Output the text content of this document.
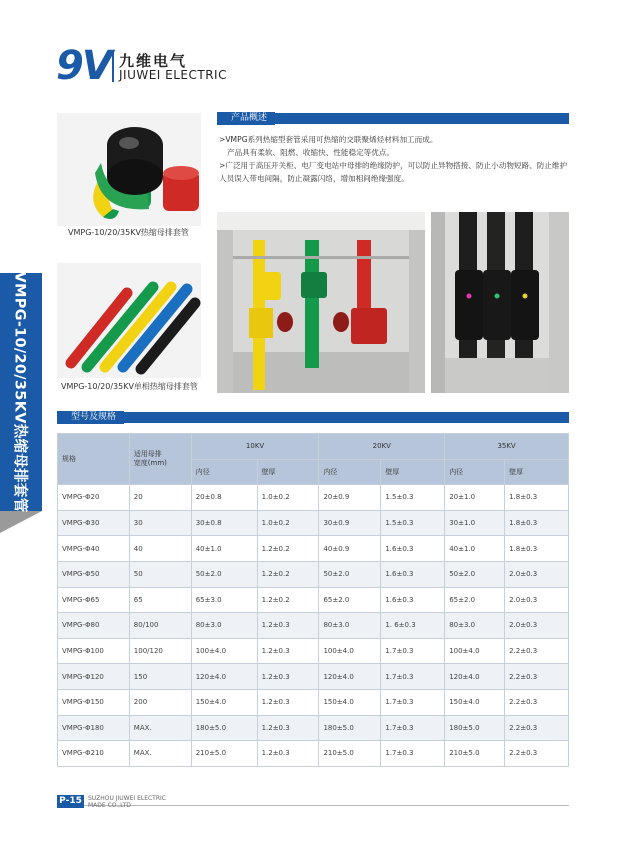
9V 九维电气
JIUWEI ELECTRIC
VMPG-10/20/35KV热缩母排套管
VMPG-10/20/35KV热缩母排套管
VMPG-10/20/35KV单相热缩母排套管
产品概述
>VMPG系列热缩型套管采用可热缩的交联聚烯烃材料加工而成。
产品具有柔软、阻燃、收缩快、性能稳定等优点。
>广泛用于高压开关柜、电厂变电站中母排的绝缘防护，可以防止异物搭接、防止小动物短路、防止维护
人员误入带电间隔，防止凝露闪络，增加相间绝缘强度。
型号及规格
规格	适用母排宽度(mm)	10KV		20KV		35KV	
		内径	壁厚	内径	壁厚	内径	壁厚
VMPG-Φ20	20	20±0.8	1.0±0.2	20±0.9	1.5±0.3	20±1.0	1.8±0.3
VMPG-Φ30	30	30±0.8	1.0±0.2	30±0.9	1.5±0.3	30±1.0	1.8±0.3
VMPG-Φ40	40	40±1.0	1.2±0.2	40±0.9	1.6±0.3	40±1.0	1.8±0.3
VMPG-Φ50	50	50±2.0	1.2±0.2	50±2.0	1.6±0.3	50±2.0	2.0±0.3
VMPG-Φ65	65	65±3.0	1.2±0.2	65±2.0	1.6±0.3	65±2.0	2.0±0.3
VMPG-Φ80	80/100	80±3.0	1.2±0.3	80±3.0	1. 6±0.3	80±3.0	2.0±0.3
VMPG-Φ100	100/120	100±4.0	1.2±0.3	100±4.0	1.7±0.3	100±4.0	2.2±0.3
VMPG-Φ120	150	120±4.0	1.2±0.3	120±4.0	1.7±0.3	120±4.0	2.2±0.3
VMPG-Φ150	200	150±4.0	1.2±0.3	150±4.0	1.7±0.3	150±4.0	2.2±0.3
VMPG-Φ180	MAX.	180±5.0	1.2±0.3	180±5.0	1.7±0.3	180±5.0	2.2±0.3
VMPG-Φ210	MAX.	210±5.0	1.2±0.3	210±5.0	1.7±0.3	210±5.0	2.2±0.3
P-15	SUZHOU JIUWEI ELECTRIC
MADE CO.,LTD
